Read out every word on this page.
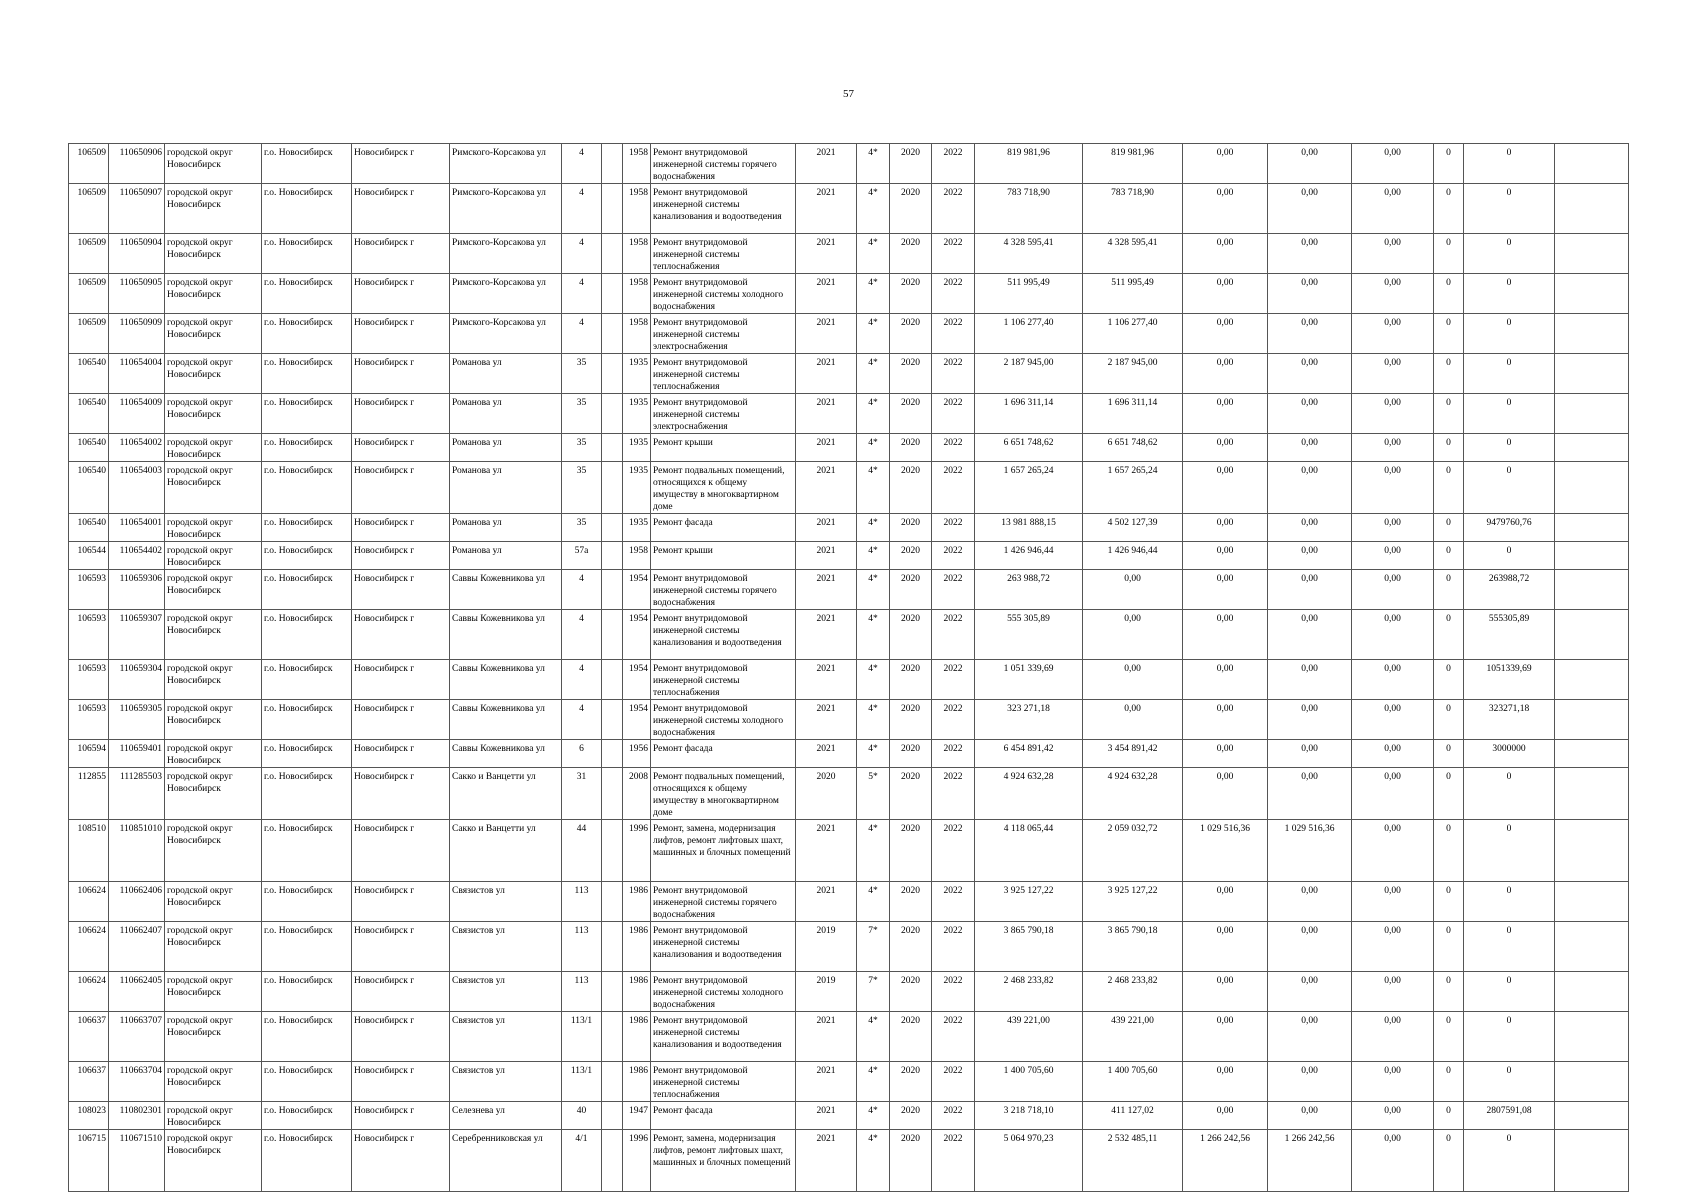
57
106509	110650906	городской округ Новосибирск	г.о. Новосибирск	Новосибирск г	Римского-Корсакова ул	4		1958	Ремонт внутридомовой инженерной системы горячего водоснабжения	2021	4*	2020	2022	819 981,96	819 981,96	0,00	0,00	0,00	0	0	
106509	110650907	городской округ Новосибирск	г.о. Новосибирск	Новосибирск г	Римского-Корсакова ул	4		1958	Ремонт внутридомовой инженерной системы канализования и водоотведения	2021	4*	2020	2022	783 718,90	783 718,90	0,00	0,00	0,00	0	0	
106509	110650904	городской округ Новосибирск	г.о. Новосибирск	Новосибирск г	Римского-Корсакова ул	4		1958	Ремонт внутридомовой инженерной системы теплоснабжения	2021	4*	2020	2022	4 328 595,41	4 328 595,41	0,00	0,00	0,00	0	0	
106509	110650905	городской округ Новосибирск	г.о. Новосибирск	Новосибирск г	Римского-Корсакова ул	4		1958	Ремонт внутридомовой инженерной системы холодного водоснабжения	2021	4*	2020	2022	511 995,49	511 995,49	0,00	0,00	0,00	0	0	
106509	110650909	городской округ Новосибирск	г.о. Новосибирск	Новосибирск г	Римского-Корсакова ул	4		1958	Ремонт внутридомовой инженерной системы электроснабжения	2021	4*	2020	2022	1 106 277,40	1 106 277,40	0,00	0,00	0,00	0	0	
106540	110654004	городской округ Новосибирск	г.о. Новосибирск	Новосибирск г	Романова ул	35		1935	Ремонт внутридомовой инженерной системы теплоснабжения	2021	4*	2020	2022	2 187 945,00	2 187 945,00	0,00	0,00	0,00	0	0	
106540	110654009	городской округ Новосибирск	г.о. Новосибирск	Новосибирск г	Романова ул	35		1935	Ремонт внутридомовой инженерной системы электроснабжения	2021	4*	2020	2022	1 696 311,14	1 696 311,14	0,00	0,00	0,00	0	0	
106540	110654002	городской округ Новосибирск	г.о. Новосибирск	Новосибирск г	Романова ул	35		1935	Ремонт крыши	2021	4*	2020	2022	6 651 748,62	6 651 748,62	0,00	0,00	0,00	0	0	
106540	110654003	городской округ Новосибирск	г.о. Новосибирск	Новосибирск г	Романова ул	35		1935	Ремонт подвальных помещений, относящихся к общему имуществу в многоквартирном доме	2021	4*	2020	2022	1 657 265,24	1 657 265,24	0,00	0,00	0,00	0	0	
106540	110654001	городской округ Новосибирск	г.о. Новосибирск	Новосибирск г	Романова ул	35		1935	Ремонт фасада	2021	4*	2020	2022	13 981 888,15	4 502 127,39	0,00	0,00	0,00	0	9479760,76	
106544	110654402	городской округ Новосибирск	г.о. Новосибирск	Новосибирск г	Романова ул	57а		1958	Ремонт крыши	2021	4*	2020	2022	1 426 946,44	1 426 946,44	0,00	0,00	0,00	0	0	
106593	110659306	городской округ Новосибирск	г.о. Новосибирск	Новосибирск г	Саввы Кожевникова ул	4		1954	Ремонт внутридомовой инженерной системы горячего водоснабжения	2021	4*	2020	2022	263 988,72	0,00	0,00	0,00	0,00	0	263988,72	
106593	110659307	городской округ Новосибирск	г.о. Новосибирск	Новосибирск г	Саввы Кожевникова ул	4		1954	Ремонт внутридомовой инженерной системы канализования и водоотведения	2021	4*	2020	2022	555 305,89	0,00	0,00	0,00	0,00	0	555305,89	
106593	110659304	городской округ Новосибирск	г.о. Новосибирск	Новосибирск г	Саввы Кожевникова ул	4		1954	Ремонт внутридомовой инженерной системы теплоснабжения	2021	4*	2020	2022	1 051 339,69	0,00	0,00	0,00	0,00	0	1051339,69	
106593	110659305	городской округ Новосибирск	г.о. Новосибирск	Новосибирск г	Саввы Кожевникова ул	4		1954	Ремонт внутридомовой инженерной системы холодного водоснабжения	2021	4*	2020	2022	323 271,18	0,00	0,00	0,00	0,00	0	323271,18	
106594	110659401	городской округ Новосибирск	г.о. Новосибирск	Новосибирск г	Саввы Кожевникова ул	6		1956	Ремонт фасада	2021	4*	2020	2022	6 454 891,42	3 454 891,42	0,00	0,00	0,00	0	3000000	
112855	111285503	городской округ Новосибирск	г.о. Новосибирск	Новосибирск г	Сакко и Ванцетти ул	31		2008	Ремонт подвальных помещений, относящихся к общему имуществу в многоквартирном доме	2020	5*	2020	2022	4 924 632,28	4 924 632,28	0,00	0,00	0,00	0	0	
108510	110851010	городской округ Новосибирск	г.о. Новосибирск	Новосибирск г	Сакко и Ванцетти ул	44		1996	Ремонт, замена, модернизация лифтов, ремонт лифтовых шахт, машинных и блочных помещений	2021	4*	2020	2022	4 118 065,44	2 059 032,72	1 029 516,36	1 029 516,36	0,00	0	0	
106624	110662406	городской округ Новосибирск	г.о. Новосибирск	Новосибирск г	Связистов ул	113		1986	Ремонт внутридомовой инженерной системы горячего водоснабжения	2021	4*	2020	2022	3 925 127,22	3 925 127,22	0,00	0,00	0,00	0	0	
106624	110662407	городской округ Новосибирск	г.о. Новосибирск	Новосибирск г	Связистов ул	113		1986	Ремонт внутридомовой инженерной системы канализования и водоотведения	2019	7*	2020	2022	3 865 790,18	3 865 790,18	0,00	0,00	0,00	0	0	
106624	110662405	городской округ Новосибирск	г.о. Новосибирск	Новосибирск г	Связистов ул	113		1986	Ремонт внутридомовой инженерной системы холодного водоснабжения	2019	7*	2020	2022	2 468 233,82	2 468 233,82	0,00	0,00	0,00	0	0	
106637	110663707	городской округ Новосибирск	г.о. Новосибирск	Новосибирск г	Связистов ул	113/1		1986	Ремонт внутридомовой инженерной системы канализования и водоотведения	2021	4*	2020	2022	439 221,00	439 221,00	0,00	0,00	0,00	0	0	
106637	110663704	городской округ Новосибирск	г.о. Новосибирск	Новосибирск г	Связистов ул	113/1		1986	Ремонт внутридомовой инженерной системы теплоснабжения	2021	4*	2020	2022	1 400 705,60	1 400 705,60	0,00	0,00	0,00	0	0	
108023	110802301	городской округ Новосибирск	г.о. Новосибирск	Новосибирск г	Селезнева ул	40		1947	Ремонт фасада	2021	4*	2020	2022	3 218 718,10	411 127,02	0,00	0,00	0,00	0	2807591,08	
106715	110671510	городской округ Новосибирск	г.о. Новосибирск	Новосибирск г	Серебренниковская ул	4/1		1996	Ремонт, замена, модернизация лифтов, ремонт лифтовых шахт, машинных и блочных помещений	2021	4*	2020	2022	5 064 970,23	2 532 485,11	1 266 242,56	1 266 242,56	0,00	0	0	
